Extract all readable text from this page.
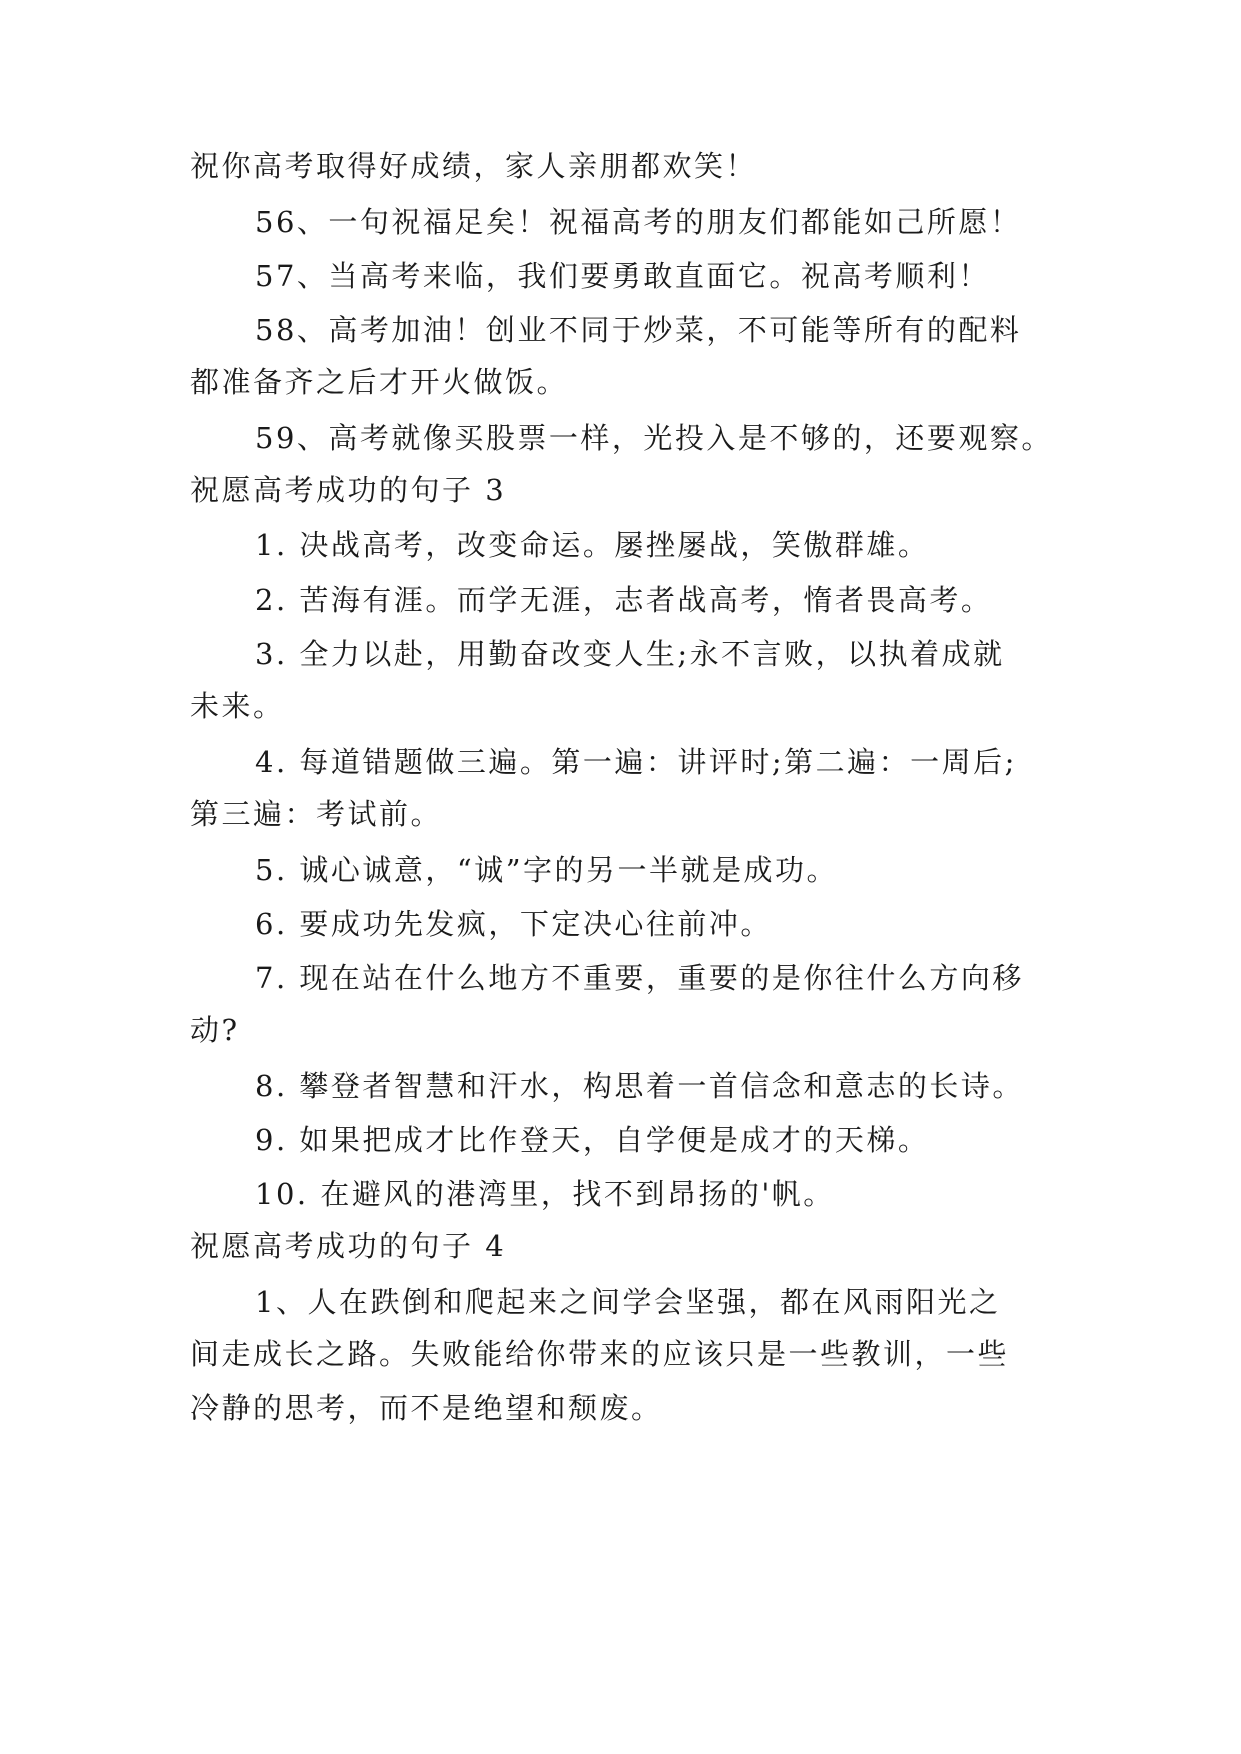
祝你高考取得好成绩，家人亲朋都欢笑！
56、一句祝福足矣！祝福高考的朋友们都能如己所愿！
57、当高考来临，我们要勇敢直面它。祝高考顺利！
58、高考加油！创业不同于炒菜，不可能等所有的配料
都准备齐之后才开火做饭。
59、高考就像买股票一样，光投入是不够的，还要观察。
祝愿高考成功的句子 3
1. 决战高考，改变命运。屡挫屡战，笑傲群雄。
2. 苦海有涯。而学无涯，志者战高考，惰者畏高考。
3. 全力以赴，用勤奋改变人生;永不言败，以执着成就
未来。
4. 每道错题做三遍。第一遍：讲评时;第二遍：一周后;
第三遍：考试前。
5. 诚心诚意，“诚”字的另一半就是成功。
6. 要成功先发疯，下定决心往前冲。
7. 现在站在什么地方不重要，重要的是你往什么方向移
动?
8. 攀登者智慧和汗水，构思着一首信念和意志的长诗。
9. 如果把成才比作登天，自学便是成才的天梯。
10. 在避风的港湾里，找不到昂扬的'帆。
祝愿高考成功的句子 4
1、人在跌倒和爬起来之间学会坚强，都在风雨阳光之
间走成长之路。失败能给你带来的应该只是一些教训，一些
冷静的思考，而不是绝望和颓废。
